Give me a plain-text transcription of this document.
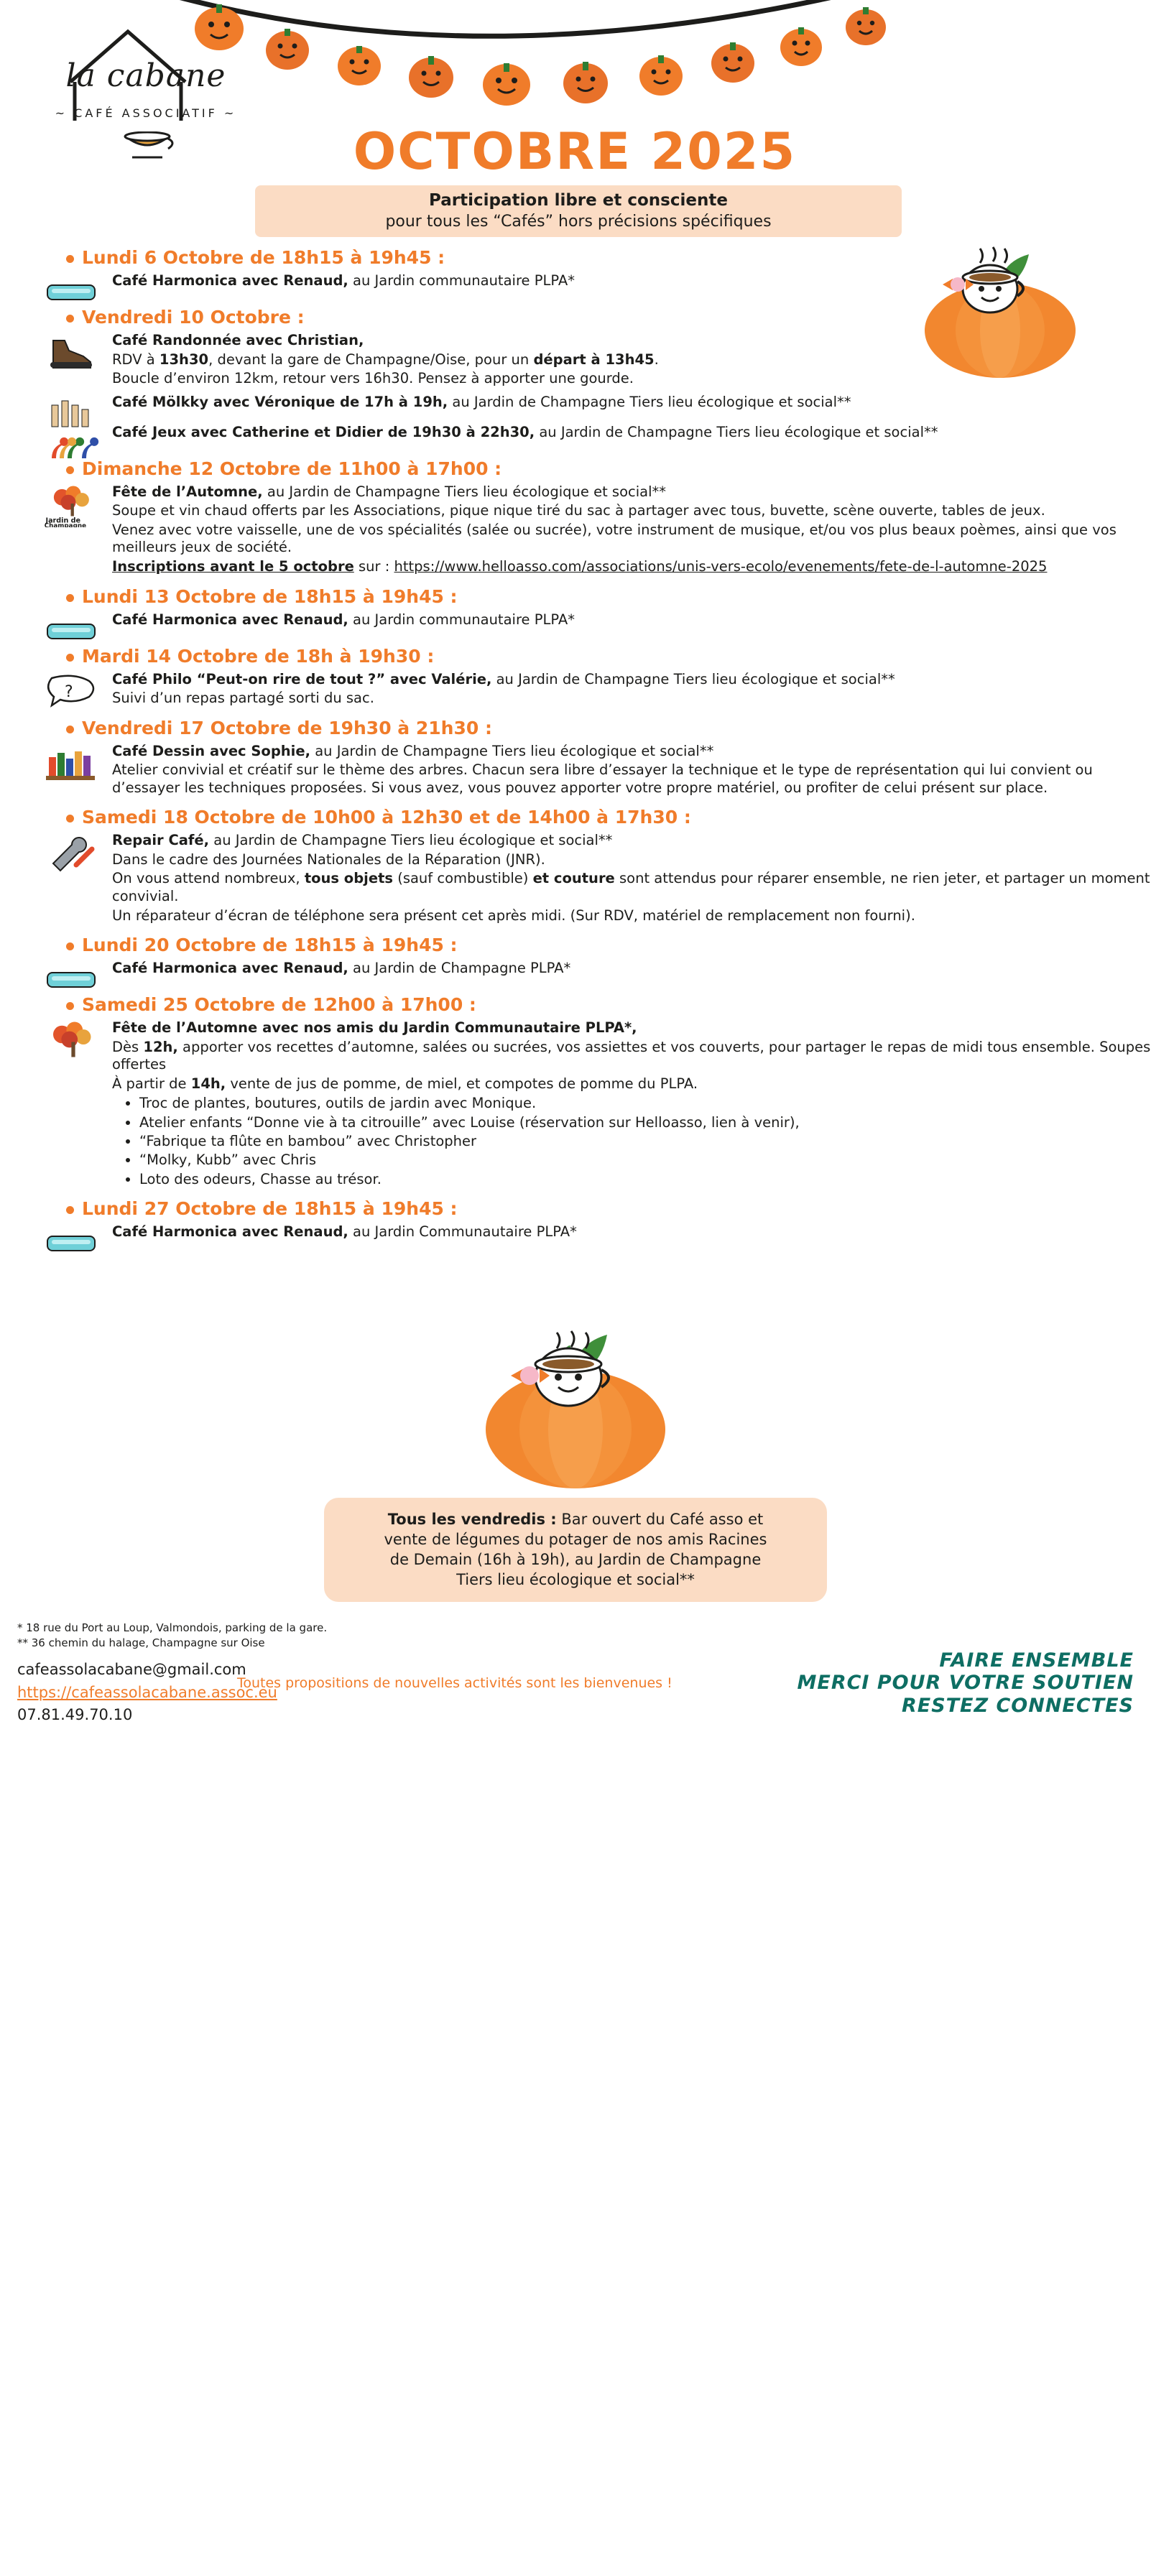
la cabane
~ CAFÉ ASSOCIATIF ~
OCTOBRE 2025
Participation libre et consciente
pour tous les “Cafés” hors précisions spécifiques
Lundi 6 Octobre de 18h15 à 19h45 :

Café Harmonica avec Renaud, au Jardin communautaire PLPA*

Vendredi 10 Octobre :

Café Randonnée avec Christian,

RDV à 13h30, devant la gare de Champagne/Oise, pour un départ à 13h45.

Boucle d’environ 12km, retour vers 16h30. Pensez à apporter une gourde.

Café Mölkky avec Véronique de 17h à 19h, au Jardin de Champagne Tiers lieu écologique et social**

Café Jeux avec Catherine et Didier de 19h30 à 22h30, au Jardin de Champagne Tiers lieu écologique et social**

Dimanche 12 Octobre de 11h00 à 17h00 :
Jardin de
Champagne

Fête de l’Automne, au Jardin de Champagne Tiers lieu écologique et social**

Soupe et vin chaud offerts par les Associations, pique nique tiré du sac à partager avec tous, buvette, scène ouverte, tables de jeux.

Venez avec votre vaisselle, une de vos spécialités (salée ou sucrée), votre instrument de musique, et/ou vos plus beaux poèmes, ainsi que vos meilleurs jeux de société.

Inscriptions avant le 5 octobre sur : https://www.helloasso.com/associations/unis-vers-ecolo/evenements/fete-de-l-automne-2025

Lundi 13 Octobre de 18h15 à 19h45 :

Café Harmonica avec Renaud, au Jardin communautaire PLPA*

Mardi 14 Octobre de 18h à 19h30 :
?

Café Philo “Peut-on rire de tout ?” avec Valérie, au Jardin de Champagne Tiers lieu écologique et social**

Suivi d’un repas partagé sorti du sac.

Vendredi 17 Octobre de 19h30 à 21h30 :

Café Dessin avec Sophie, au Jardin de Champagne Tiers lieu écologique et social**

Atelier convivial et créatif sur le thème des arbres. Chacun sera libre d’essayer la technique et le type de représentation qui lui convient ou d’essayer les techniques proposées. Si vous avez, vous pouvez apporter votre propre matériel, ou profiter de celui présent sur place.

Samedi 18 Octobre de 10h00 à 12h30 et de 14h00 à 17h30 :

Repair Café, au Jardin de Champagne Tiers lieu écologique et social**

Dans le cadre des Journées Nationales de la Réparation (JNR).

On vous attend nombreux, tous objets (sauf combustible) et couture sont attendus pour réparer ensemble, ne rien jeter, et partager un moment convivial.

Un réparateur d’écran de téléphone sera présent cet après midi. (Sur RDV, matériel de remplacement non fourni).

Lundi 20 Octobre de 18h15 à 19h45 :

Café Harmonica avec Renaud, au Jardin de Champagne PLPA*

Samedi 25 Octobre de 12h00 à 17h00 :

Fête de l’Automne avec nos amis du Jardin Communautaire PLPA*,

Dès 12h, apporter vos recettes d’automne, salées ou sucrées, vos assiettes et vos couverts, pour partager le repas de midi tous ensemble. Soupes offertes

À partir de 14h, vente de jus de pomme, de miel, et compotes de pomme du PLPA.

• Troc de plantes, boutures, outils de jardin avec Monique.
• Atelier enfants “Donne vie à ta citrouille” avec Louise (réservation sur Helloasso, lien à venir),
• “Fabrique ta flûte en bambou” avec Christopher
• “Molky, Kubb” avec Chris
• Loto des odeurs, Chasse au trésor.
Lundi 27 Octobre de 18h15 à 19h45 :

Café Harmonica avec Renaud, au Jardin Communautaire PLPA*

Tous les vendredis : Bar ouvert du Café asso et
vente de légumes du potager de nos amis Racines
de Demain (16h à 19h), au Jardin de Champagne
Tiers lieu écologique et social**
* 18 rue du Port au Loup, Valmondois, parking de la gare.
** 36 chemin du halage, Champagne sur Oise
cafeassolacabane@gmail.com
https://cafeassolacabane.assoc.eu
07.81.49.70.10
Toutes propositions de nouvelles activités sont les bienvenues !
FAIRE ENSEMBLE
MERCI POUR VOTRE SOUTIEN
RESTEZ CONNECTES
